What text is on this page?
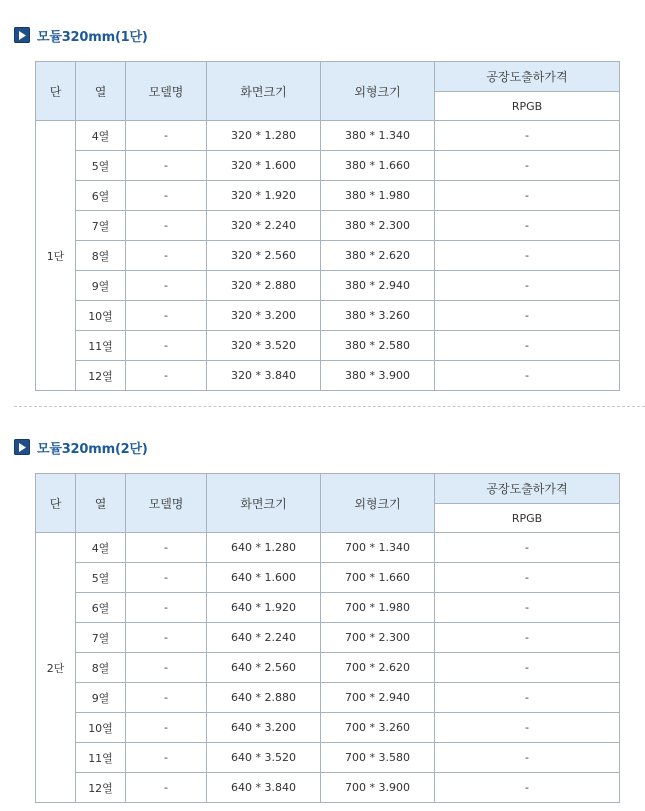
모듈320mm(1단)
단	열	모델명	화면크기	외형크기	공장도출하가격
					RPGB
1단	4열	-	320 * 1.280	380 * 1.340	-
	5열	-	320 * 1.600	380 * 1.660	-
	6열	-	320 * 1.920	380 * 1.980	-
	7열	-	320 * 2.240	380 * 2.300	-
	8열	-	320 * 2.560	380 * 2.620	-
	9열	-	320 * 2.880	380 * 2.940	-
	10열	-	320 * 3.200	380 * 3.260	-
	11열	-	320 * 3.520	380 * 2.580	-
	12열	-	320 * 3.840	380 * 3.900	-
모듈320mm(2단)
단	열	모델명	화면크기	외형크기	공장도출하가격
					RPGB
2단	4열	-	640 * 1.280	700 * 1.340	-
	5열	-	640 * 1.600	700 * 1.660	-
	6열	-	640 * 1.920	700 * 1.980	-
	7열	-	640 * 2.240	700 * 2.300	-
	8열	-	640 * 2.560	700 * 2.620	-
	9열	-	640 * 2.880	700 * 2.940	-
	10열	-	640 * 3.200	700 * 3.260	-
	11열	-	640 * 3.520	700 * 3.580	-
	12열	-	640 * 3.840	700 * 3.900	-
